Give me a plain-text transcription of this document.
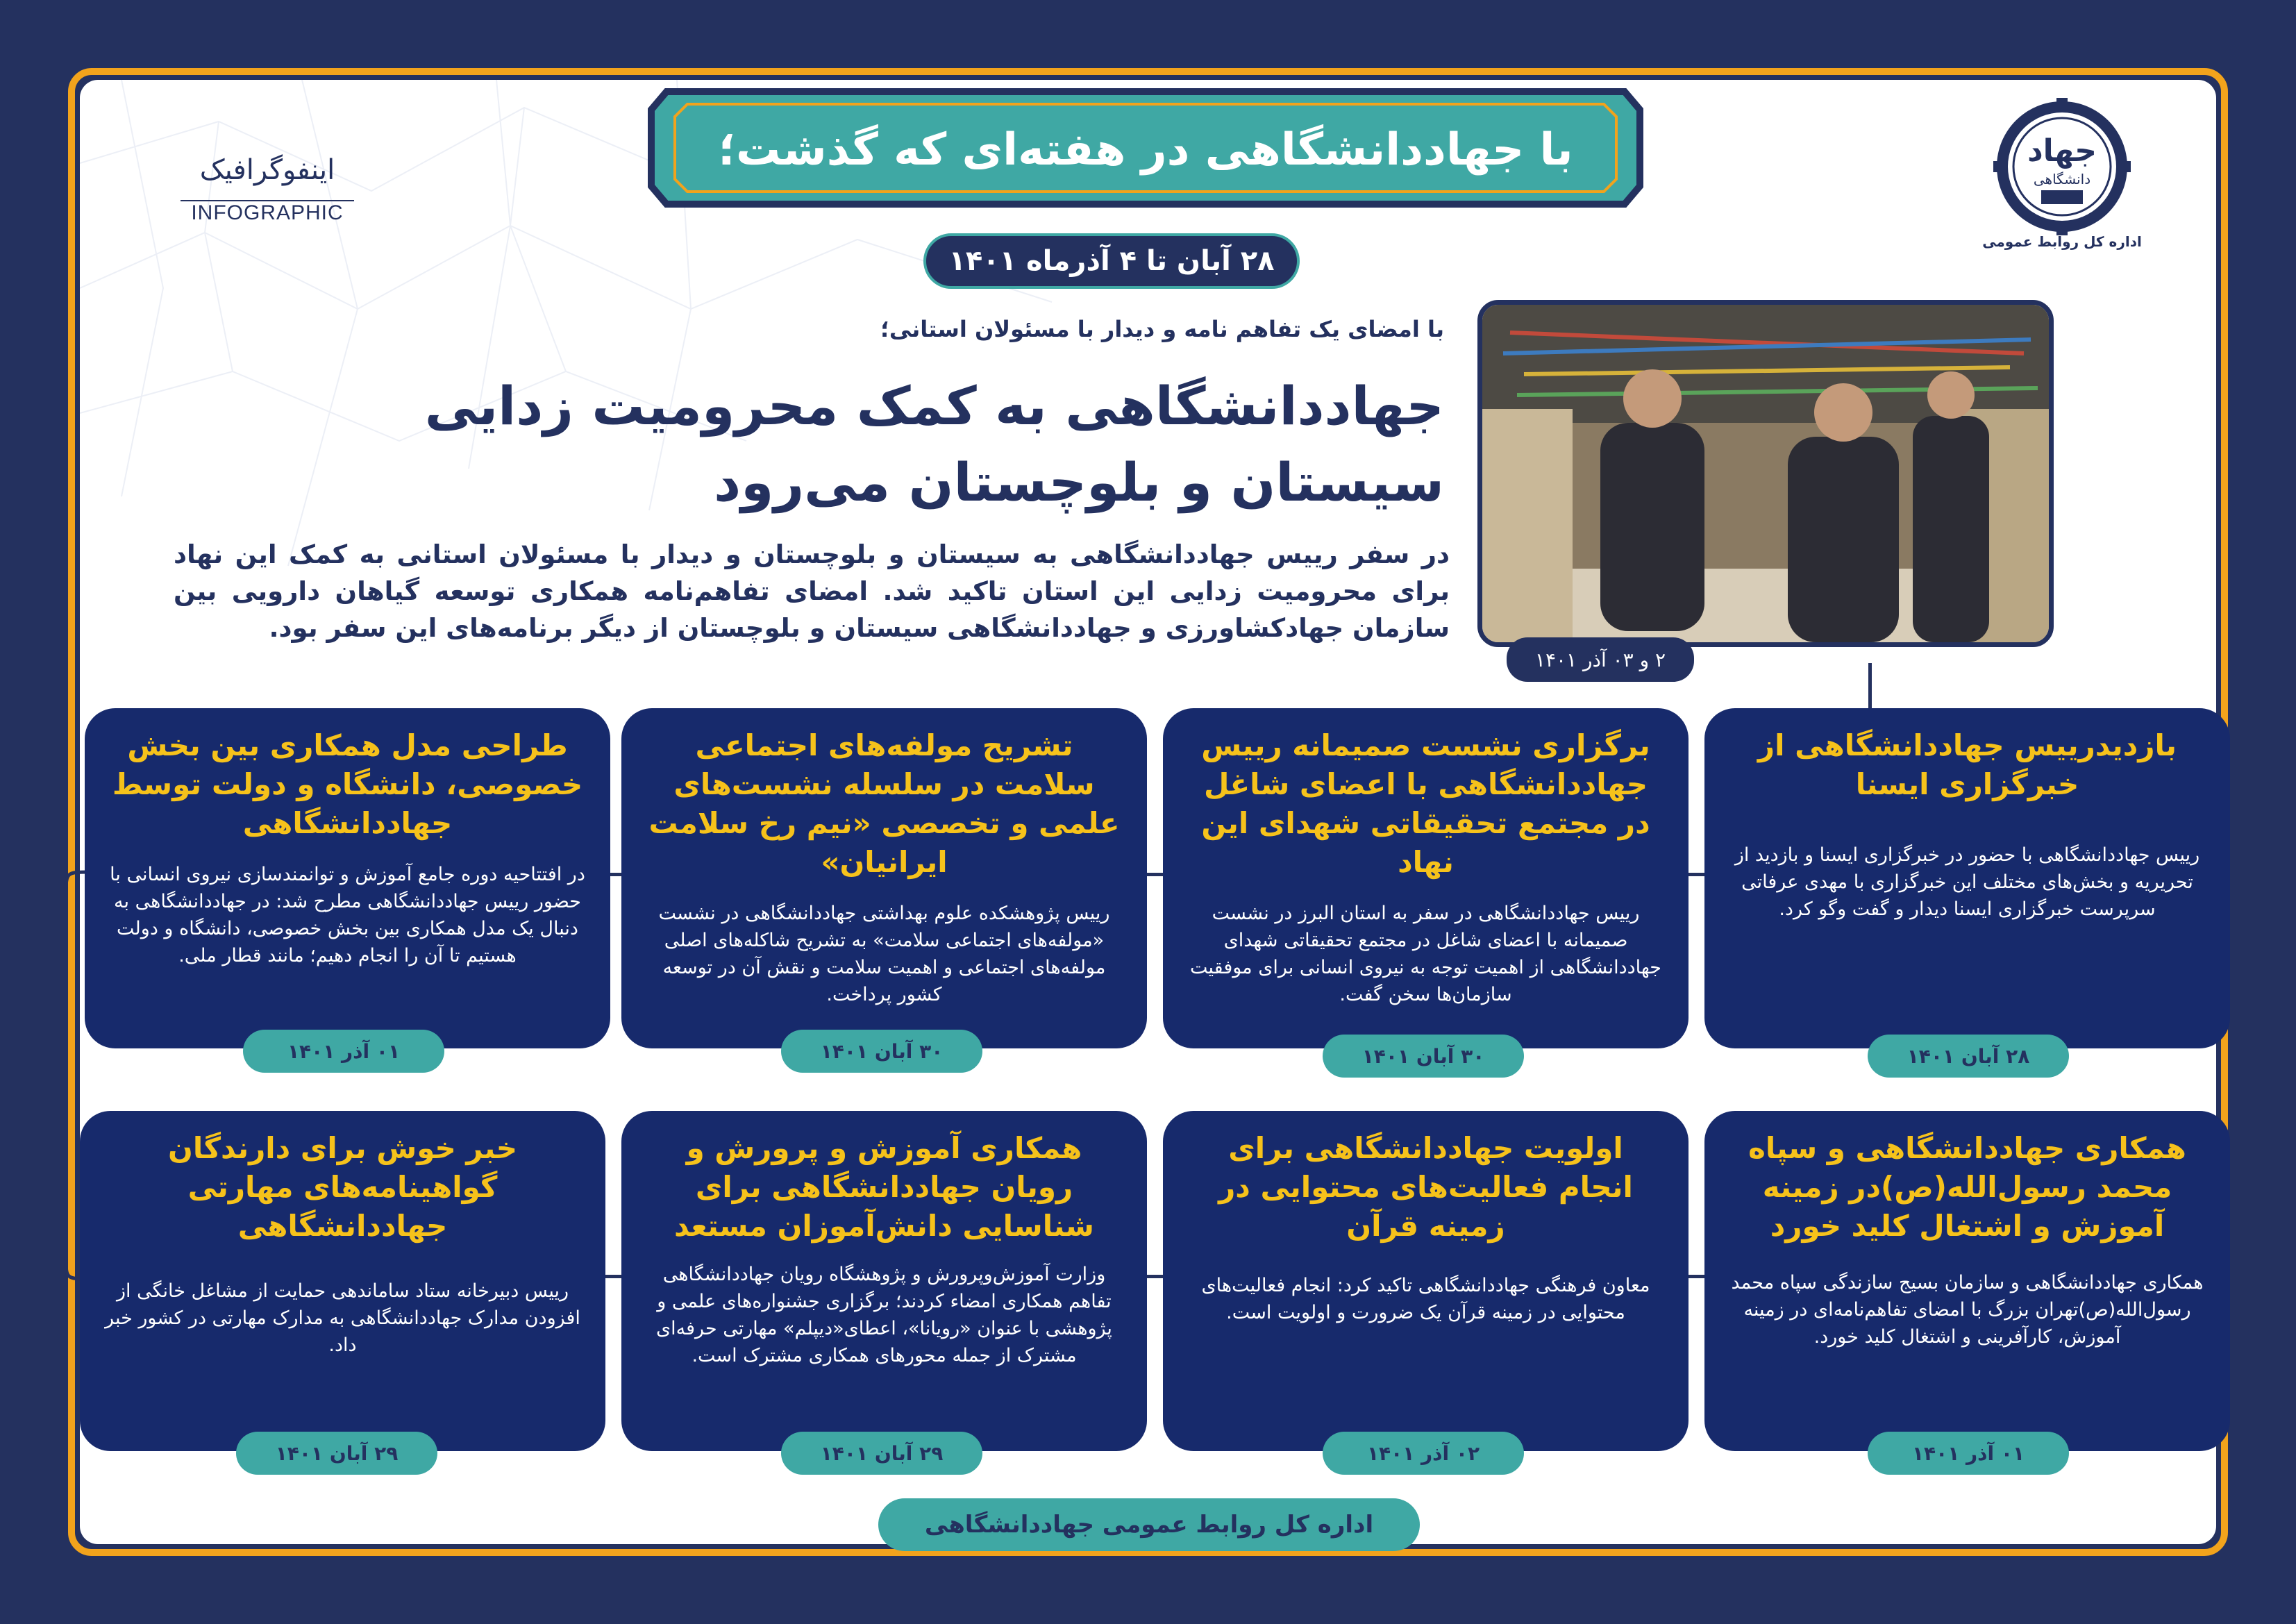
با جهاددانشگاهی در هفته‌ای که گذشت؛
۲۸ آبان تا ۴ آذرماه ۱۴۰۱
جهاد
دانشگاهی
اداره کل روابط عمومی
اینفوگرافیک
INFOGRAPHIC
۲ و ۰۳ آذر ۱۴۰۱
با امضای یک تفاهم نامه و دیدار با مسئولان استانی؛
جهاددانشگاهی به کمک محرومیت زدایی
سیستان و بلوچستان می‌رود
در سفر رییس جهاددانشگاهی به سیستان و بلوچستان و دیدار با مسئولان استانی به کمک این نهاد برای محرومیت زدایی این استان تاکید شد. امضای تفاهم‌نامه همکاری توسعه گیاهان دارویی بین سازمان جهادکشاورزی و جهاددانشگاهی سیستان و بلوچستان از دیگر برنامه‌های این سفر بود.
بازدیدرییس جهاددانشگاهی از خبرگزاری ایسنا
رییس جهاددانشگاهی با حضور در خبرگزاری ایسنا و بازدید از تحریریه و بخش‌های مختلف این خبرگزاری با مهدی عرفاتی سرپرست خبرگزاری ایسنا دیدار و گفت وگو کرد.
۲۸ آبان ۱۴۰۱
برگزاری نشست صمیمانه رییس جهاددانشگاهی با اعضای شاغل در مجتمع تحقیقاتی شهدای این نهاد
رییس جهاددانشگاهی در سفر به استان البرز در نشست صمیمانه با اعضای شاغل در مجتمع تحقیقاتی شهدای جهاددانشگاهی از اهمیت توجه به نیروی انسانی برای موفقیت سازمان‌ها سخن گفت.
۳۰ آبان ۱۴۰۱
تشریح مولفه‌های اجتماعی سلامت در سلسله نشست‌های علمی و تخصصی «نیم رخ سلامت ایرانیان»
رییس پژوهشکده علوم بهداشتی جهاددانشگاهی در نشست «مولفه‌های اجتماعی سلامت» به تشریح شاکله‌های اصلی مولفه‌های اجتماعی و اهمیت سلامت و نقش آن در توسعه کشور پرداخت.
۳۰ آبان ۱۴۰۱
طراحی مدل همکاری بین بخش خصوصی، دانشگاه و دولت توسط جهاددانشگاهی
در افتتاحیه دوره جامع آموزش و توانمندسازی نیروی انسانی با حضور رییس جهاددانشگاهی مطرح شد: در جهاددانشگاهی به دنبال یک مدل همکاری بین بخش خصوصی، دانشگاه و دولت هستیم تا آن را انجام دهیم؛ مانند قطار ملی.
۰۱ آذر ۱۴۰۱
همکاری جهاددانشگاهی و سپاه محمد رسول‌الله(ص)در زمینه آموزش و اشتغال کلید خورد
همکاری جهاددانشگاهی و سازمان بسیج سازندگی سپاه محمد رسول‌الله(ص)تهران بزرگ با امضای تفاهم‌نامه‌ای در زمینه آموزش، کارآفرینی و اشتغال کلید خورد.
۰۱ آذر ۱۴۰۱
اولویت جهاددانشگاهی برای انجام فعالیت‌های محتوایی در زمینه قرآن
معاون فرهنگی جهاددانشگاهی تاکید کرد: انجام فعالیت‌های محتوایی در زمینه قرآن یک ضرورت و اولویت است.
۰۲ آذر ۱۴۰۱
همکاری آموزش و پرورش و رویان جهاددانشگاهی برای شناسایی دانش‌آموزان مستعد
وزارت آموزش‌وپرورش و پژوهشگاه رویان جهاددانشگاهی تفاهم همکاری امضاء کردند؛ برگزاری جشنواره‌های علمی و پژوهشی با عنوان «رویانا»، اعطای«دیپلم» مهارتی حرفه‌ای مشترک از جمله محورهای همکاری مشترک است.
۲۹ آبان ۱۴۰۱
خبر خوش برای دارندگان گواهینامه‌های مهارتی جهاددانشگاهی
رییس دبیرخانه ستاد ساماندهی حمایت از مشاغل خانگی از افزودن مدارک جهاددانشگاهی به مدارک مهارتی در کشور خبر داد.
۲۹ آبان ۱۴۰۱
اداره کل روابط عمومی جهاددانشگاهی
